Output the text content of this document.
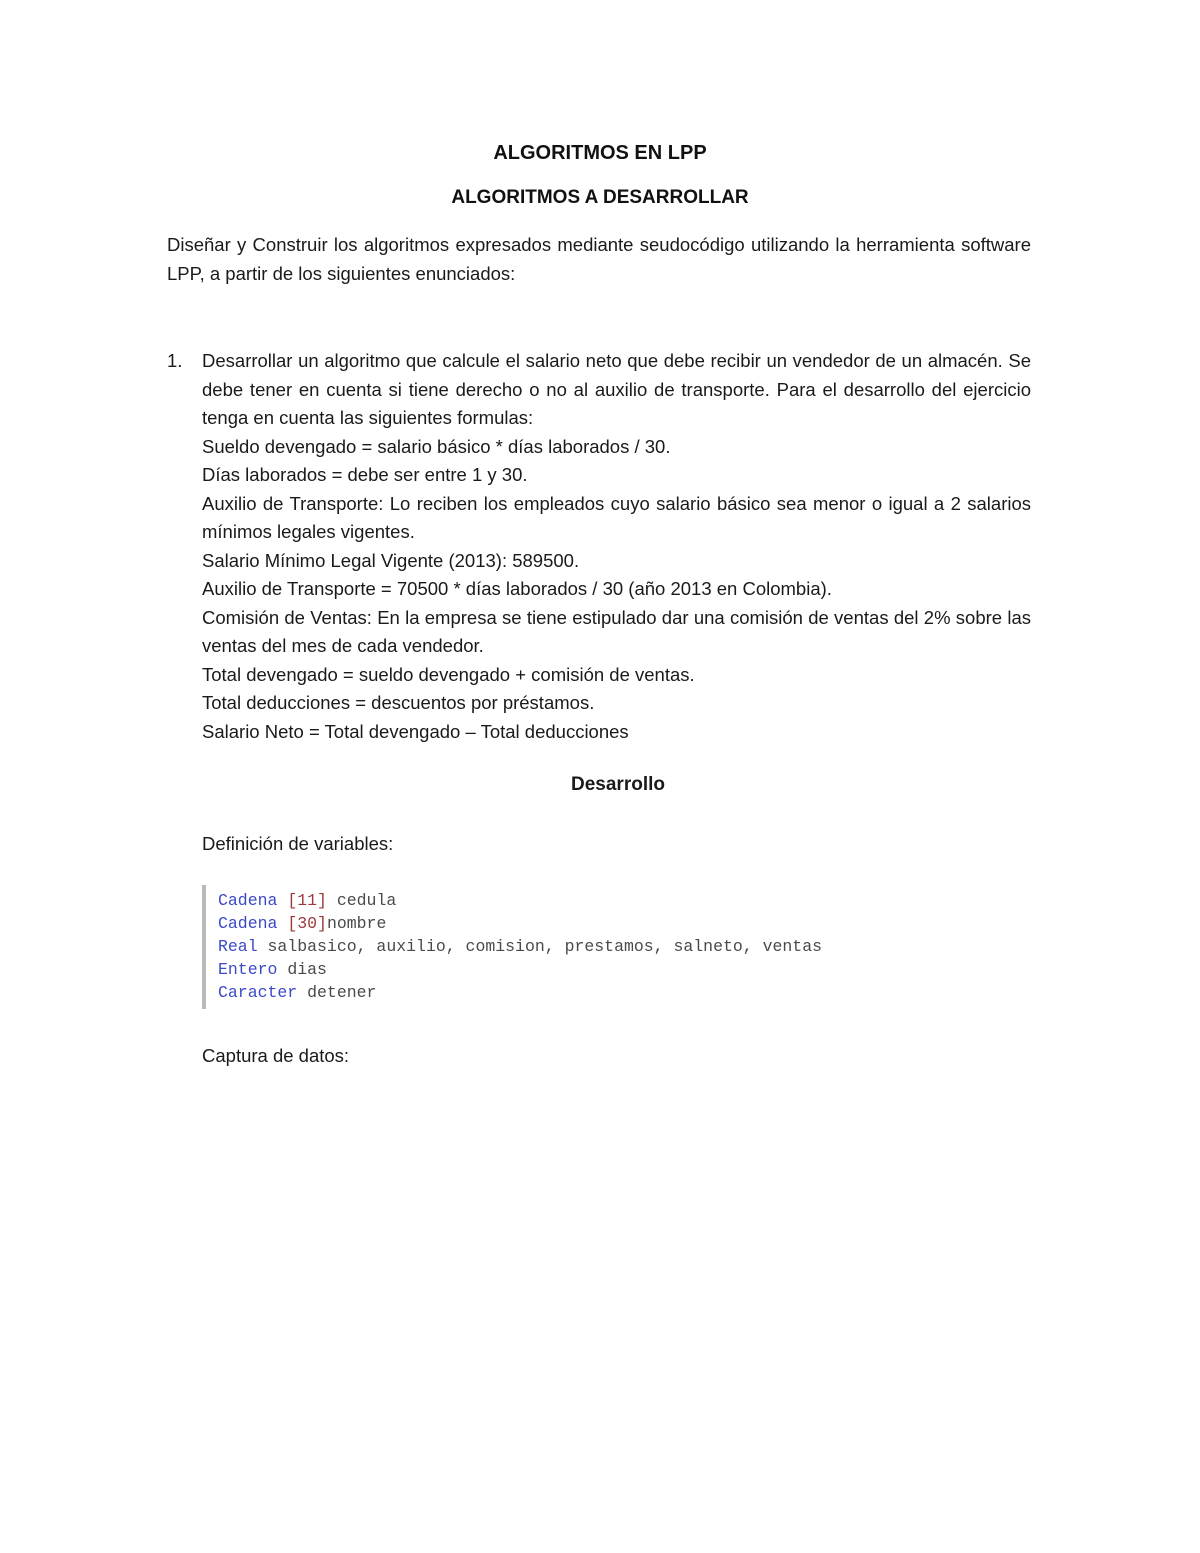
ALGORITMOS EN LPP
ALGORITMOS A DESARROLLAR
Diseñar y Construir los algoritmos expresados mediante seudocódigo utilizando la herramienta software LPP, a partir de los siguientes enunciados:
1. Desarrollar un algoritmo que calcule el salario neto que debe recibir un vendedor de un almacén. Se debe tener en cuenta si tiene derecho o no al auxilio de transporte. Para el desarrollo del ejercicio tenga en cuenta las siguientes formulas:
Sueldo devengado = salario básico * días laborados / 30.
Días laborados = debe ser entre 1 y 30.
Auxilio de Transporte: Lo reciben los empleados cuyo salario básico sea menor o igual a 2 salarios mínimos legales vigentes.
Salario Mínimo Legal Vigente (2013): 589500.
Auxilio de Transporte = 70500 * días laborados / 30 (año 2013 en Colombia).
Comisión de Ventas: En la empresa se tiene estipulado dar una comisión de ventas del 2% sobre las ventas del mes de cada vendedor.
Total devengado = sueldo devengado + comisión de ventas.
Total deducciones = descuentos por préstamos.
Salario Neto = Total devengado – Total deducciones
Desarrollo
Definición de variables:
Cadena [11] cedula
Cadena [30]nombre
Real salbasico, auxilio, comision, prestamos, salneto, ventas
Entero dias
Caracter detener
Captura de datos:
